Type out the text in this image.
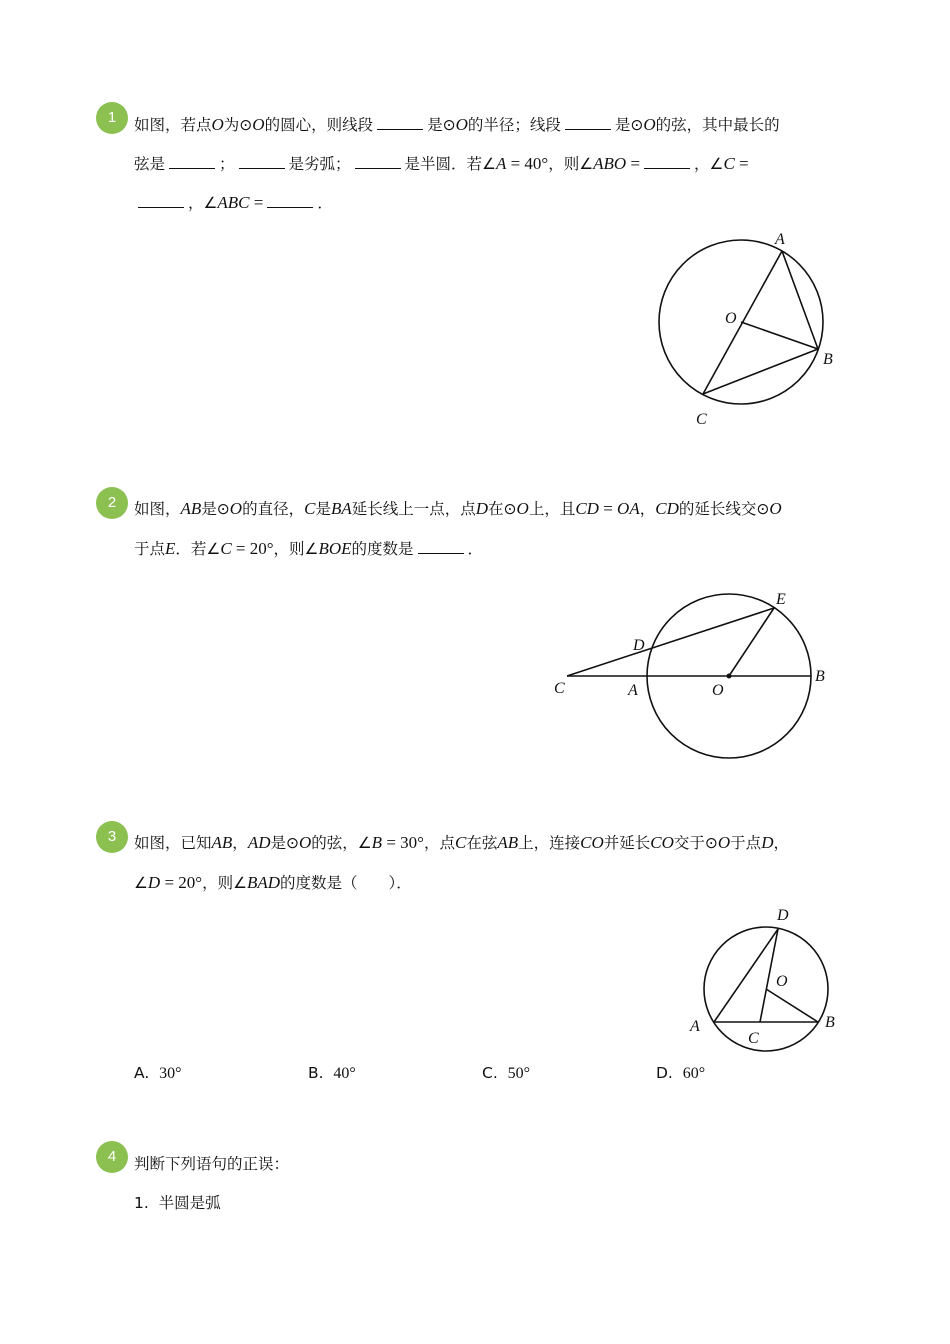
1	如图，若点O为⊙O的圆心，则线段	是⊙O的半径；线段	是⊙O的弦，其中最长的
弦是	；	是劣弧；	是半圆．若∠A = 40°，则∠ABO =	，∠C =
，∠ABC =	．
A
B
C
O
2	如图，AB是⊙O的直径，C是BA延长线上一点，点D在⊙O上，且CD = OA，CD的延长线交⊙O
于点E．若∠C = 20°，则∠BOE的度数是	．
C	A
D
E
O
B
3	如图，已知AB，AD是⊙O的弦，∠B = 30°，点C在弦AB上，连接CO并延长CO交于⊙O于点D，
∠D = 20°，则∠BAD的度数是（　　）．
D
O
A
C
B
A. 30°	B. 40°	C. 50°	D. 60°
4	判断下列语句的正误：
1. 半圆是弧
